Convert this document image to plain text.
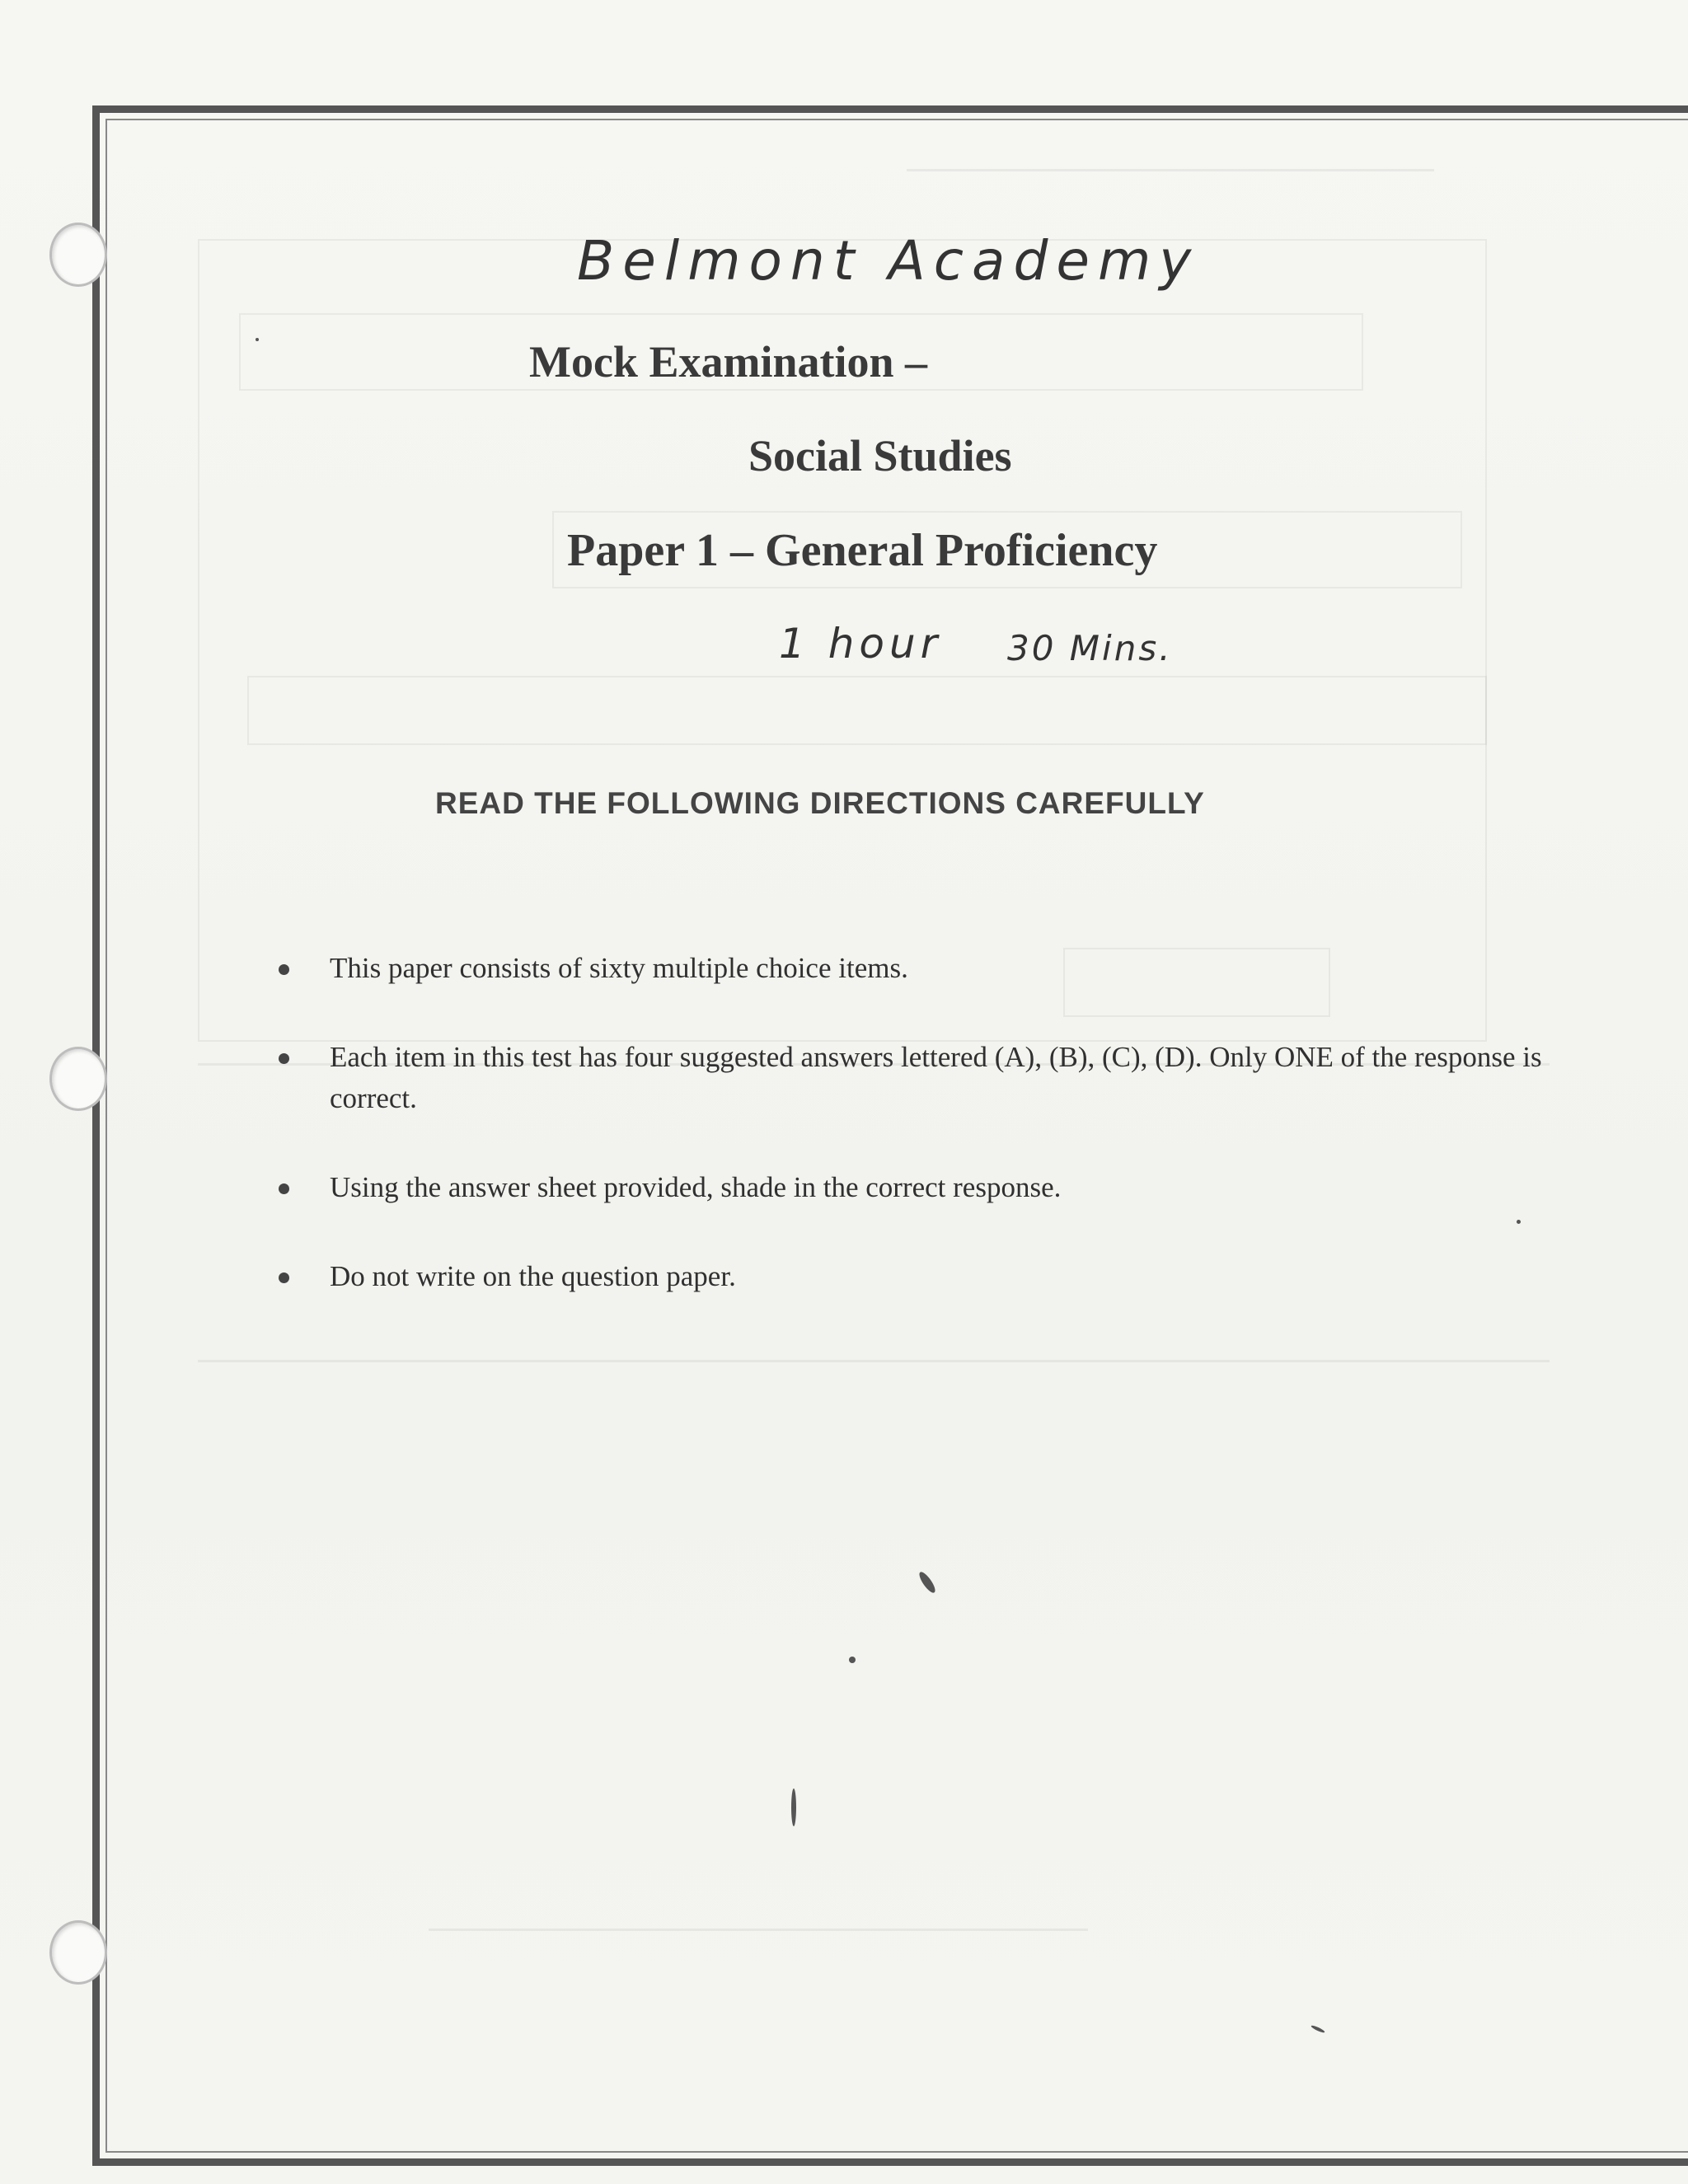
Belmont Academy
Mock Examination –
Social Studies
Paper 1 – General Proficiency
1 hour 30 Mins.
READ THE FOLLOWING DIRECTIONS CAREFULLY
This paper consists of sixty multiple choice items.
Each item in this test has four suggested answers lettered (A), (B), (C), (D). Only ONE of the response is correct.
Using the answer sheet provided, shade in the correct response.
Do not write on the question paper.
